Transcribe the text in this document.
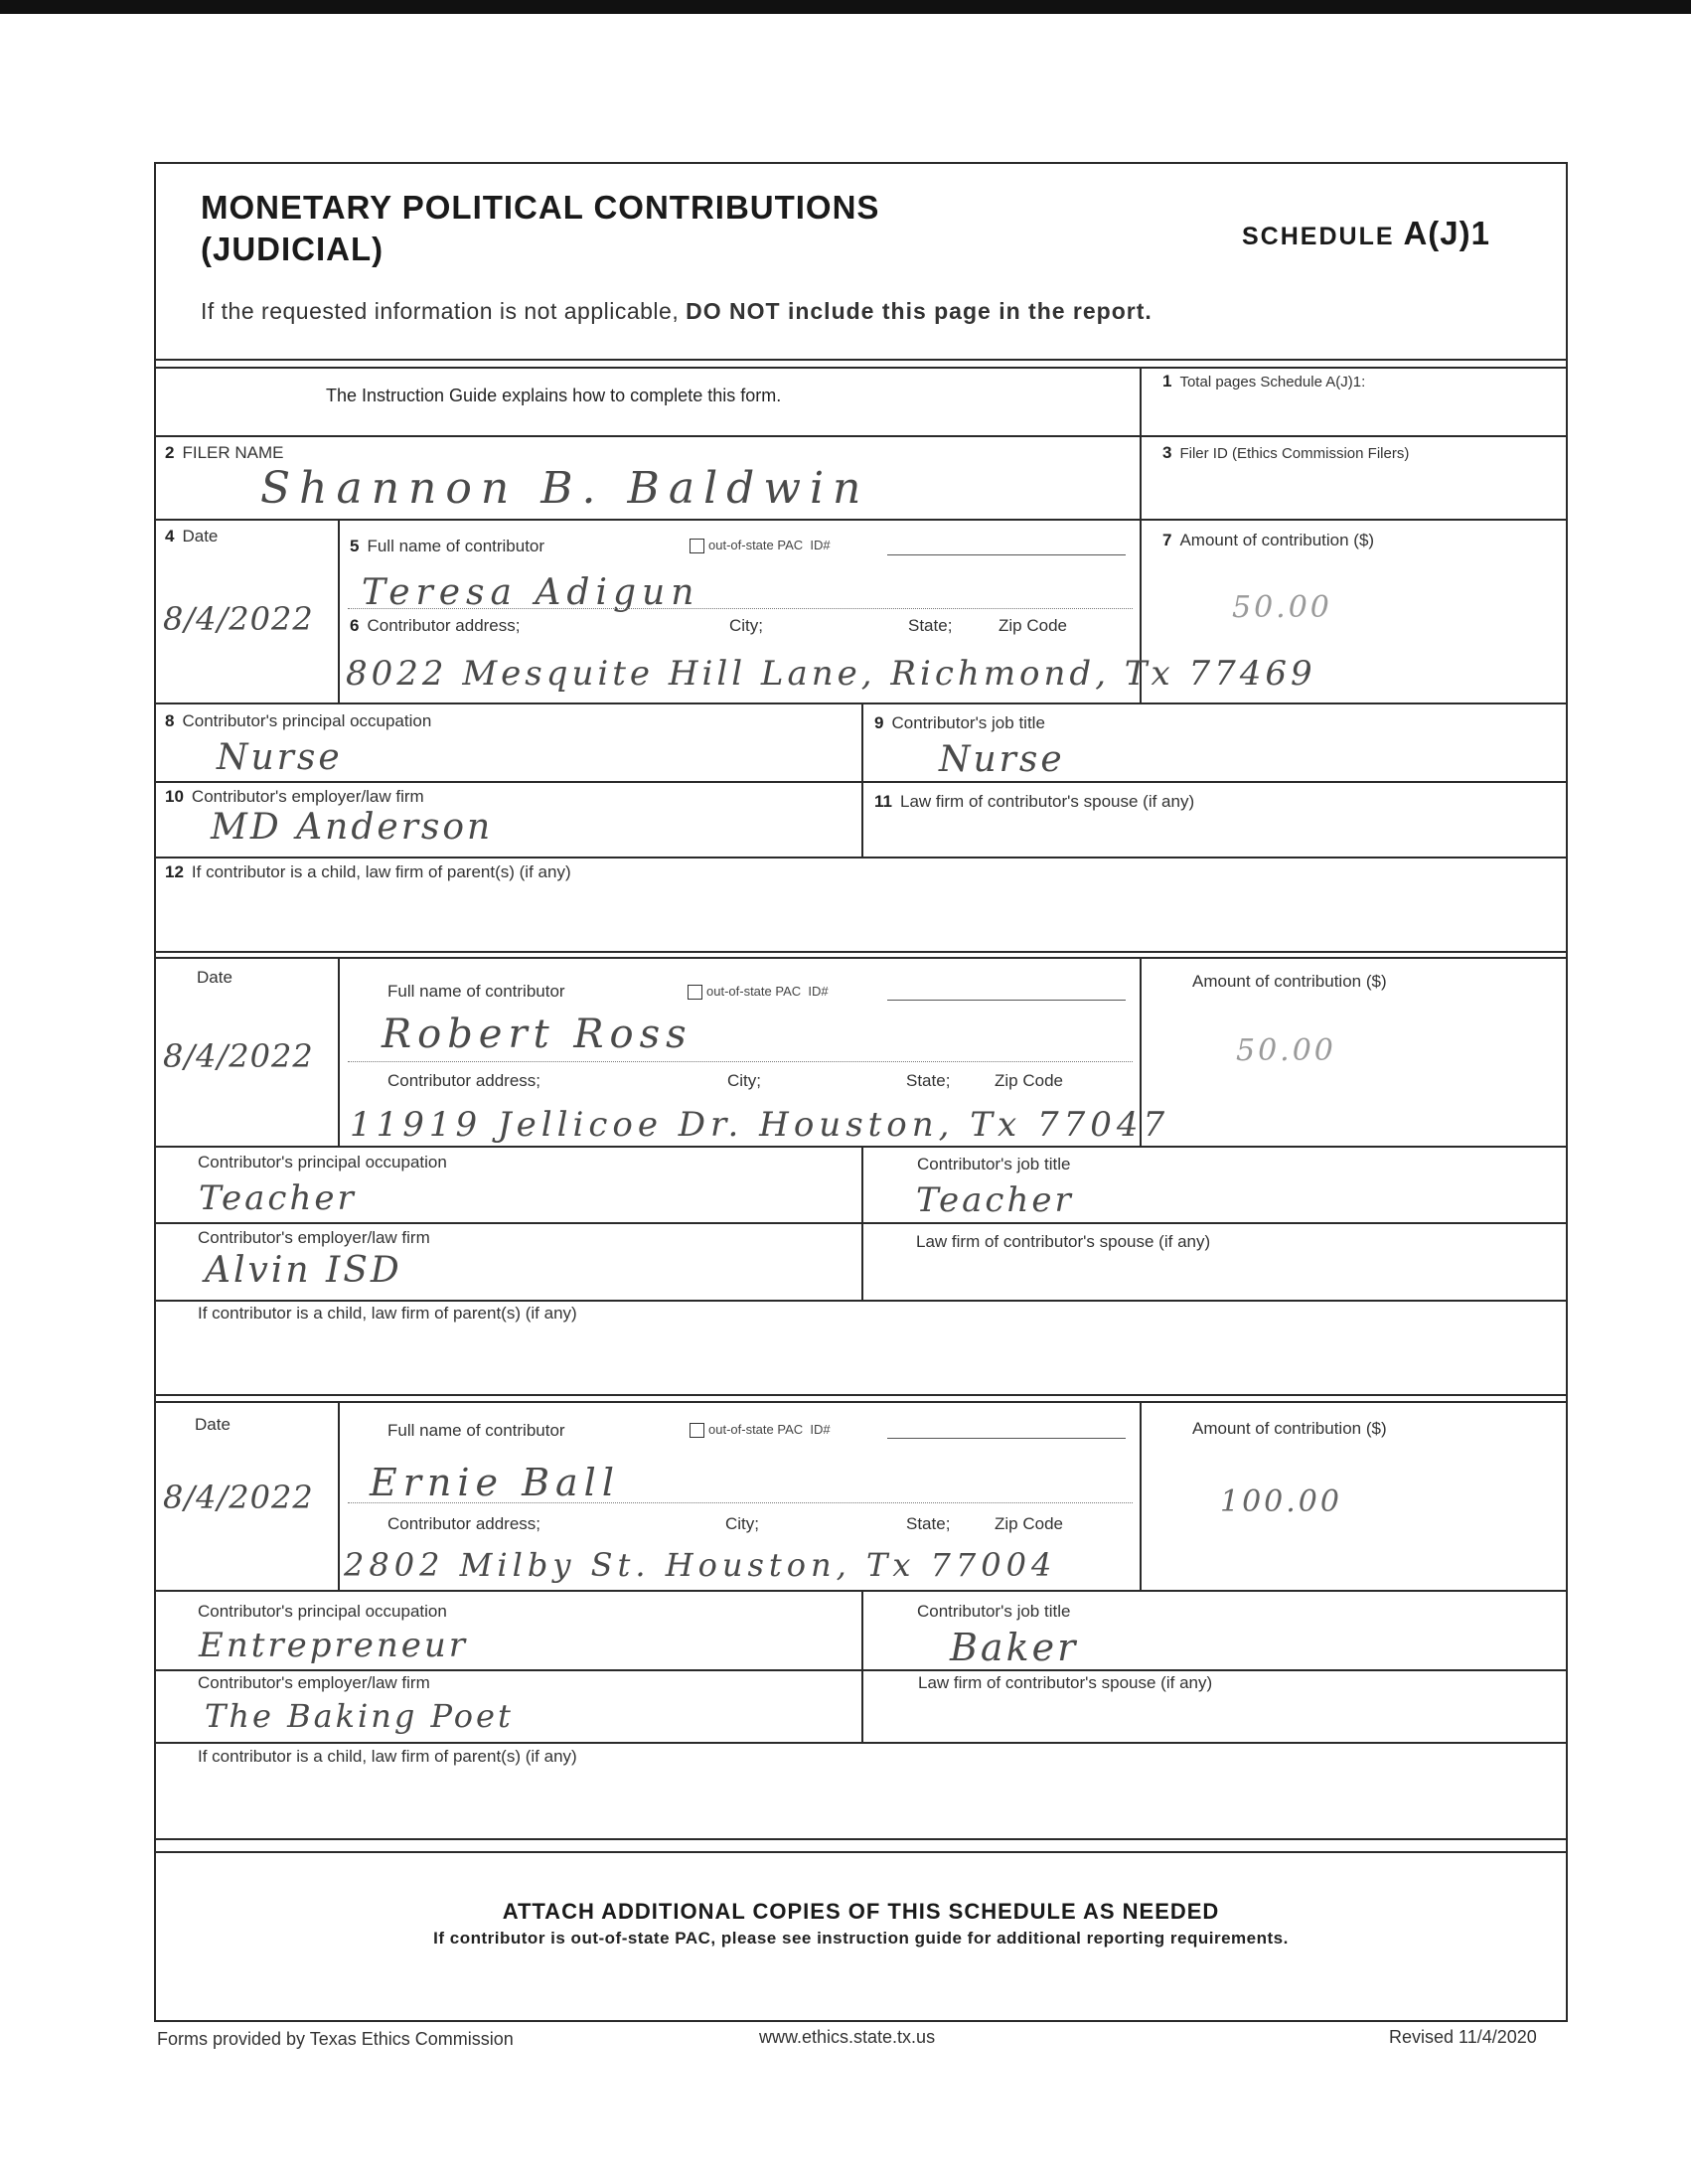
MONETARY POLITICAL CONTRIBUTIONS
(JUDICIAL)	SCHEDULE A(J)1
If the requested information is not applicable, DO NOT include this page in the report.
The Instruction Guide explains how to complete this form.
1 Total pages Schedule A(J)1:
2 FILER NAME
Shannon B. Baldwin
3 Filer ID (Ethics Commission Filers)
4 Date
8/4/2022
5 Full name of contributor	out-of-state PAC ID#
Teresa Adigun
6 Contributor address;	City;	State;	Zip Code
8022 Mesquite Hill Lane, Richmond, Tx 77469
7 Amount of contribution ($)
50.00
8 Contributor's principal occupation
Nurse
9 Contributor's job title
Nurse
10 Contributor's employer/law firm
MD Anderson
11 Law firm of contributor's spouse (if any)
12 If contributor is a child, law firm of parent(s) (if any)
Date
8/4/2022
Full name of contributor	out-of-state PAC ID#
Robert Ross
Contributor address;	City;	State;	Zip Code
11919 Jellicoe Dr. Houston, Tx 77047
Amount of contribution ($)
50.00
Contributor's principal occupation
Teacher
Contributor's job title
Teacher
Contributor's employer/law firm
Alvin ISD
Law firm of contributor's spouse (if any)
If contributor is a child, law firm of parent(s) (if any)
Date
8/4/2022
Full name of contributor	out-of-state PAC ID#
Ernie Ball
Contributor address;	City;	State;	Zip Code
2802 Milby St. Houston, Tx 77004
Amount of contribution ($)
100.00
Contributor's principal occupation
Entrepreneur
Contributor's job title
Baker
Contributor's employer/law firm
The Baking Poet
Law firm of contributor's spouse (if any)
If contributor is a child, law firm of parent(s) (if any)
ATTACH ADDITIONAL COPIES OF THIS SCHEDULE AS NEEDED
If contributor is out-of-state PAC, please see instruction guide for additional reporting requirements.
Forms provided by Texas Ethics Commission	www.ethics.state.tx.us	Revised 11/4/2020
